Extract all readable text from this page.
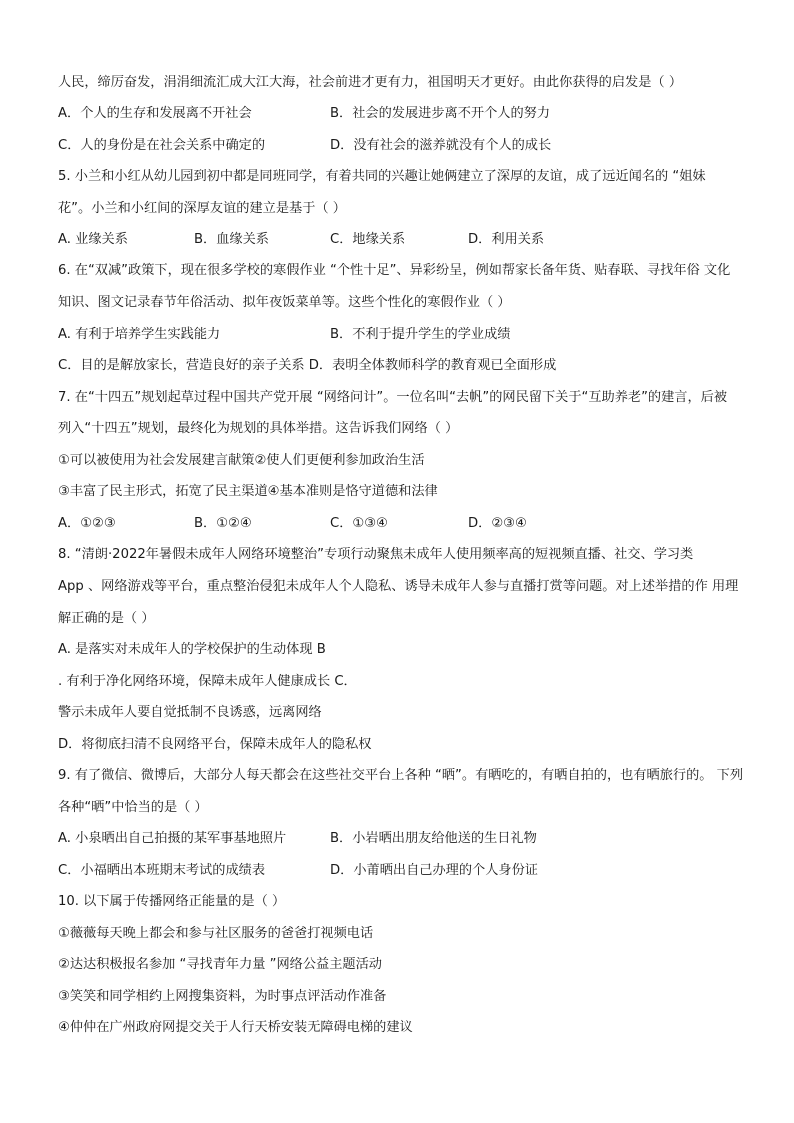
人民，缔厉奋发，涓涓细流汇成大江大海，社会前进才更有力，祖国明天才更好。由此你获得的启发是（ ）
A．个人的生存和发展离不开社会	B．社会的发展进步离不开个人的努力
C．人的身份是在社会关系中确定的	D．没有社会的滋养就没有个人的成长
5. 小兰和小红从幼儿园到初中都是同班同学，有着共同的兴趣让她俩建立了深厚的友谊，成了远近闻名的 “姐妹
花”。小兰和小红间的深厚友谊的建立是基于（ ）
A. 业缘关系	B．血缘关系	C．地缘关系	D．利用关系
6. 在“双减”政策下，现在很多学校的寒假作业 “个性十足”、异彩纷呈，例如帮家长备年货、贴春联、寻找年俗 文化
知识、图文记录春节年俗活动、拟年夜饭菜单等。这些个性化的寒假作业（ ）
A. 有利于培养学生实践能力	B．不利于提升学生的学业成绩
C．目的是解放家长，营造良好的亲子关系 D．表明全体教师科学的教育观已全面形成
7. 在“十四五”规划起草过程中国共产党开展 “网络问计”。一位名叫“去帆”的网民留下关于“互助养老”的建言，后被
列入“十四五”规划，最终化为规划的具体举措。这告诉我们网络（ ）
①可以被使用为社会发展建言献策②使人们更便利参加政治生活
③丰富了民主形式，拓宽了民主渠道④基本准则是恪守道德和法律
A．①②③	B．①②④	C．①③④	D．②③④
8. “清朗·2022年暑假未成年人网络环境整治”专项行动聚焦未成年人使用频率高的短视频直播、社交、学习类
App 、网络游戏等平台，重点整治侵犯未成年人个人隐私、诱导未成年人参与直播打赏等问题。对上述举措的作 用理
解正确的是（ ）
A. 是落实对未成年人的学校保护的生动体现 B
. 有利于净化网络环境，保障未成年人健康成长 C．
警示未成年人要自觉抵制不良诱惑，远离网络
D．将彻底扫清不良网络平台，保障未成年人的隐私权
9. 有了微信、微博后，大部分人每天都会在这些社交平台上各种 “晒”。有晒吃的，有晒自拍的，也有晒旅行的。 下列
各种“晒”中恰当的是（ ）
A. 小泉晒出自己拍摄的某军事基地照片	B．小岩晒出朋友给他送的生日礼物
C．小福晒出本班期末考试的成绩表	D．小莆晒出自己办理的个人身份证
10. 以下属于传播网络正能量的是（ ）
①薇薇每天晚上都会和参与社区服务的爸爸打视频电话
②达达积极报名参加 “寻找青年力量 ”网络公益主题活动
③笑笑和同学相约上网搜集资料，为时事点评活动作准备
④仲仲在广州政府网提交关于人行天桥安装无障碍电梯的建议
